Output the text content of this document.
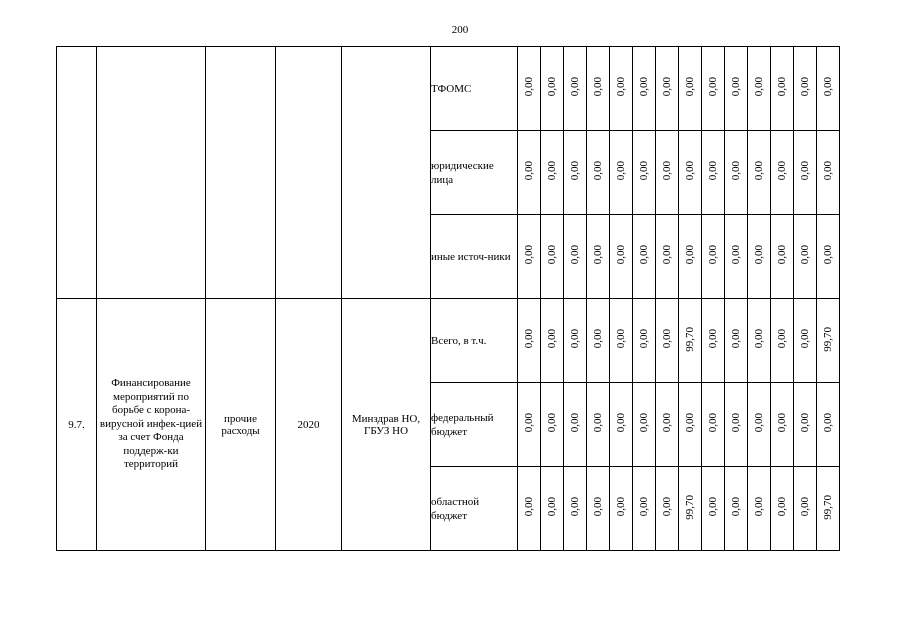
200
					ТФОМС	0,00	0,00	0,00	0,00	0,00	0,00	0,00	0,00	0,00	0,00	0,00	0,00	0,00	0,00
					юридические лица	0,00	0,00	0,00	0,00	0,00	0,00	0,00	0,00	0,00	0,00	0,00	0,00	0,00	0,00
					иные источ-ники	0,00	0,00	0,00	0,00	0,00	0,00	0,00	0,00	0,00	0,00	0,00	0,00	0,00	0,00
9.7.	Финансирование мероприятий по борьбе с корона-вирусной инфек-цией за счет Фонда поддерж-ки территорий	прочие расходы	2020	Минздрав НО, ГБУЗ НО	Всего, в т.ч.	0,00	0,00	0,00	0,00	0,00	0,00	0,00	99,70	0,00	0,00	0,00	0,00	0,00	99,70
					федеральный бюджет	0,00	0,00	0,00	0,00	0,00	0,00	0,00	0,00	0,00	0,00	0,00	0,00	0,00	0,00
					областной бюджет	0,00	0,00	0,00	0,00	0,00	0,00	0,00	99,70	0,00	0,00	0,00	0,00	0,00	99,70
